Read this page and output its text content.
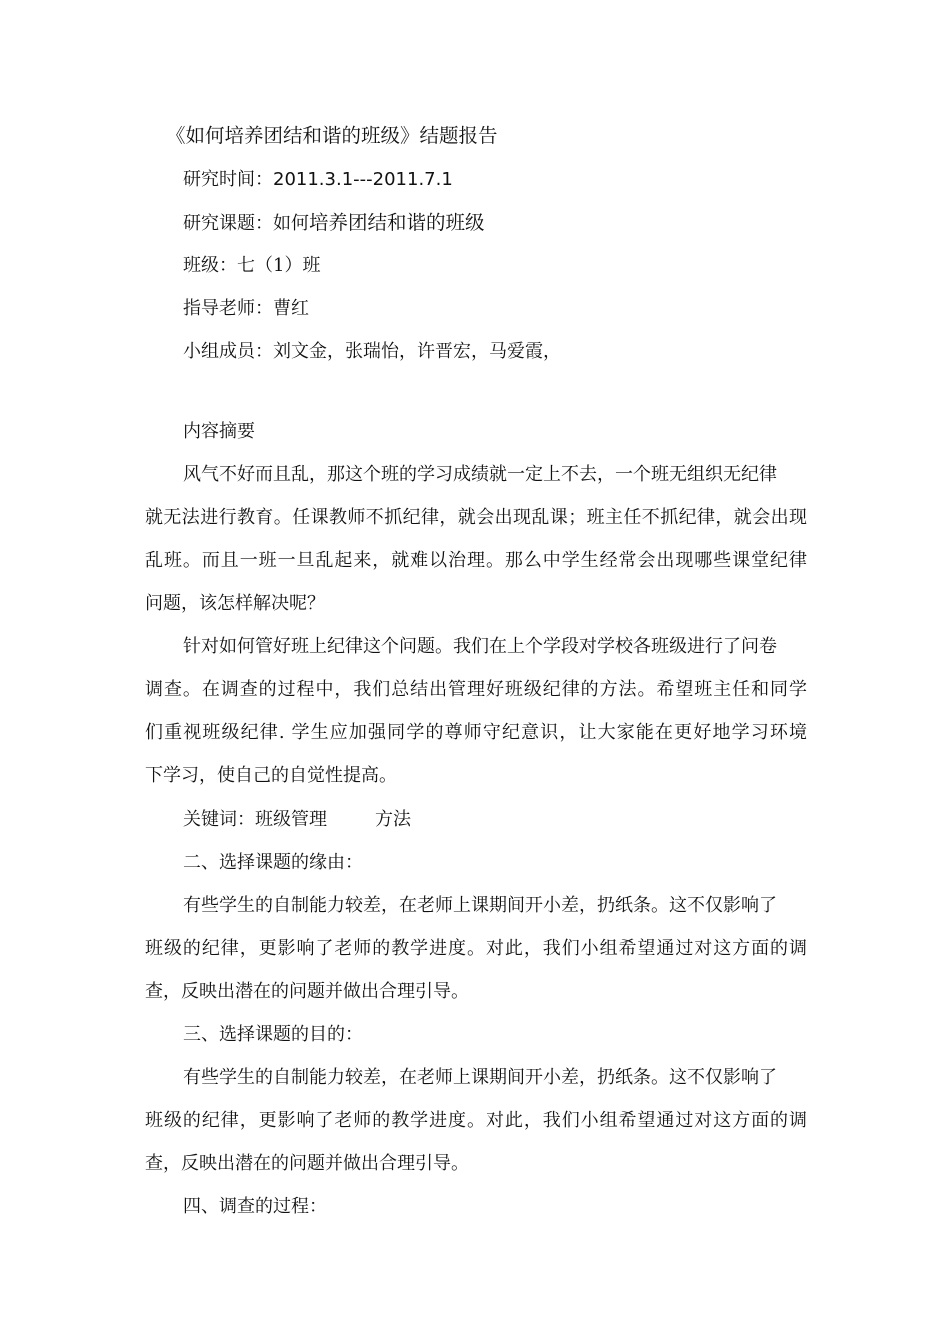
《如何培养团结和谐的班级》结题报告
研究时间：2011.3.1---2011.7.1
研究课题：如何培养团结和谐的班级
班级：七（1）班
指导老师：曹红
小组成员：刘文金，张瑞怡，许晋宏，马爱霞，
内容摘要
风气不好而且乱，那这个班的学习成绩就一定上不去，一个班无组织无纪律
就无法进行教育。任课教师不抓纪律，就会出现乱课；班主任不抓纪律，就会出现
乱班。而且一班一旦乱起来，就难以治理。那么中学生经常会出现哪些课堂纪律
问题，该怎样解决呢？
针对如何管好班上纪律这个问题。我们在上个学段对学校各班级进行了问卷
调查。在调查的过程中，我们总结出管理好班级纪律的方法。希望班主任和同学
们重视班级纪律. 学生应加强同学的尊师守纪意识，让大家能在更好地学习环境
下学习，使自己的自觉性提高。
关键词：班级管理	方法
二、选择课题的缘由：
有些学生的自制能力较差，在老师上课期间开小差，扔纸条。这不仅影响了
班级的纪律，更影响了老师的教学进度。对此，我们小组希望通过对这方面的调
查，反映出潜在的问题并做出合理引导。
三、选择课题的目的：
有些学生的自制能力较差，在老师上课期间开小差，扔纸条。这不仅影响了
班级的纪律，更影响了老师的教学进度。对此，我们小组希望通过对这方面的调
查，反映出潜在的问题并做出合理引导。
四、调查的过程：
